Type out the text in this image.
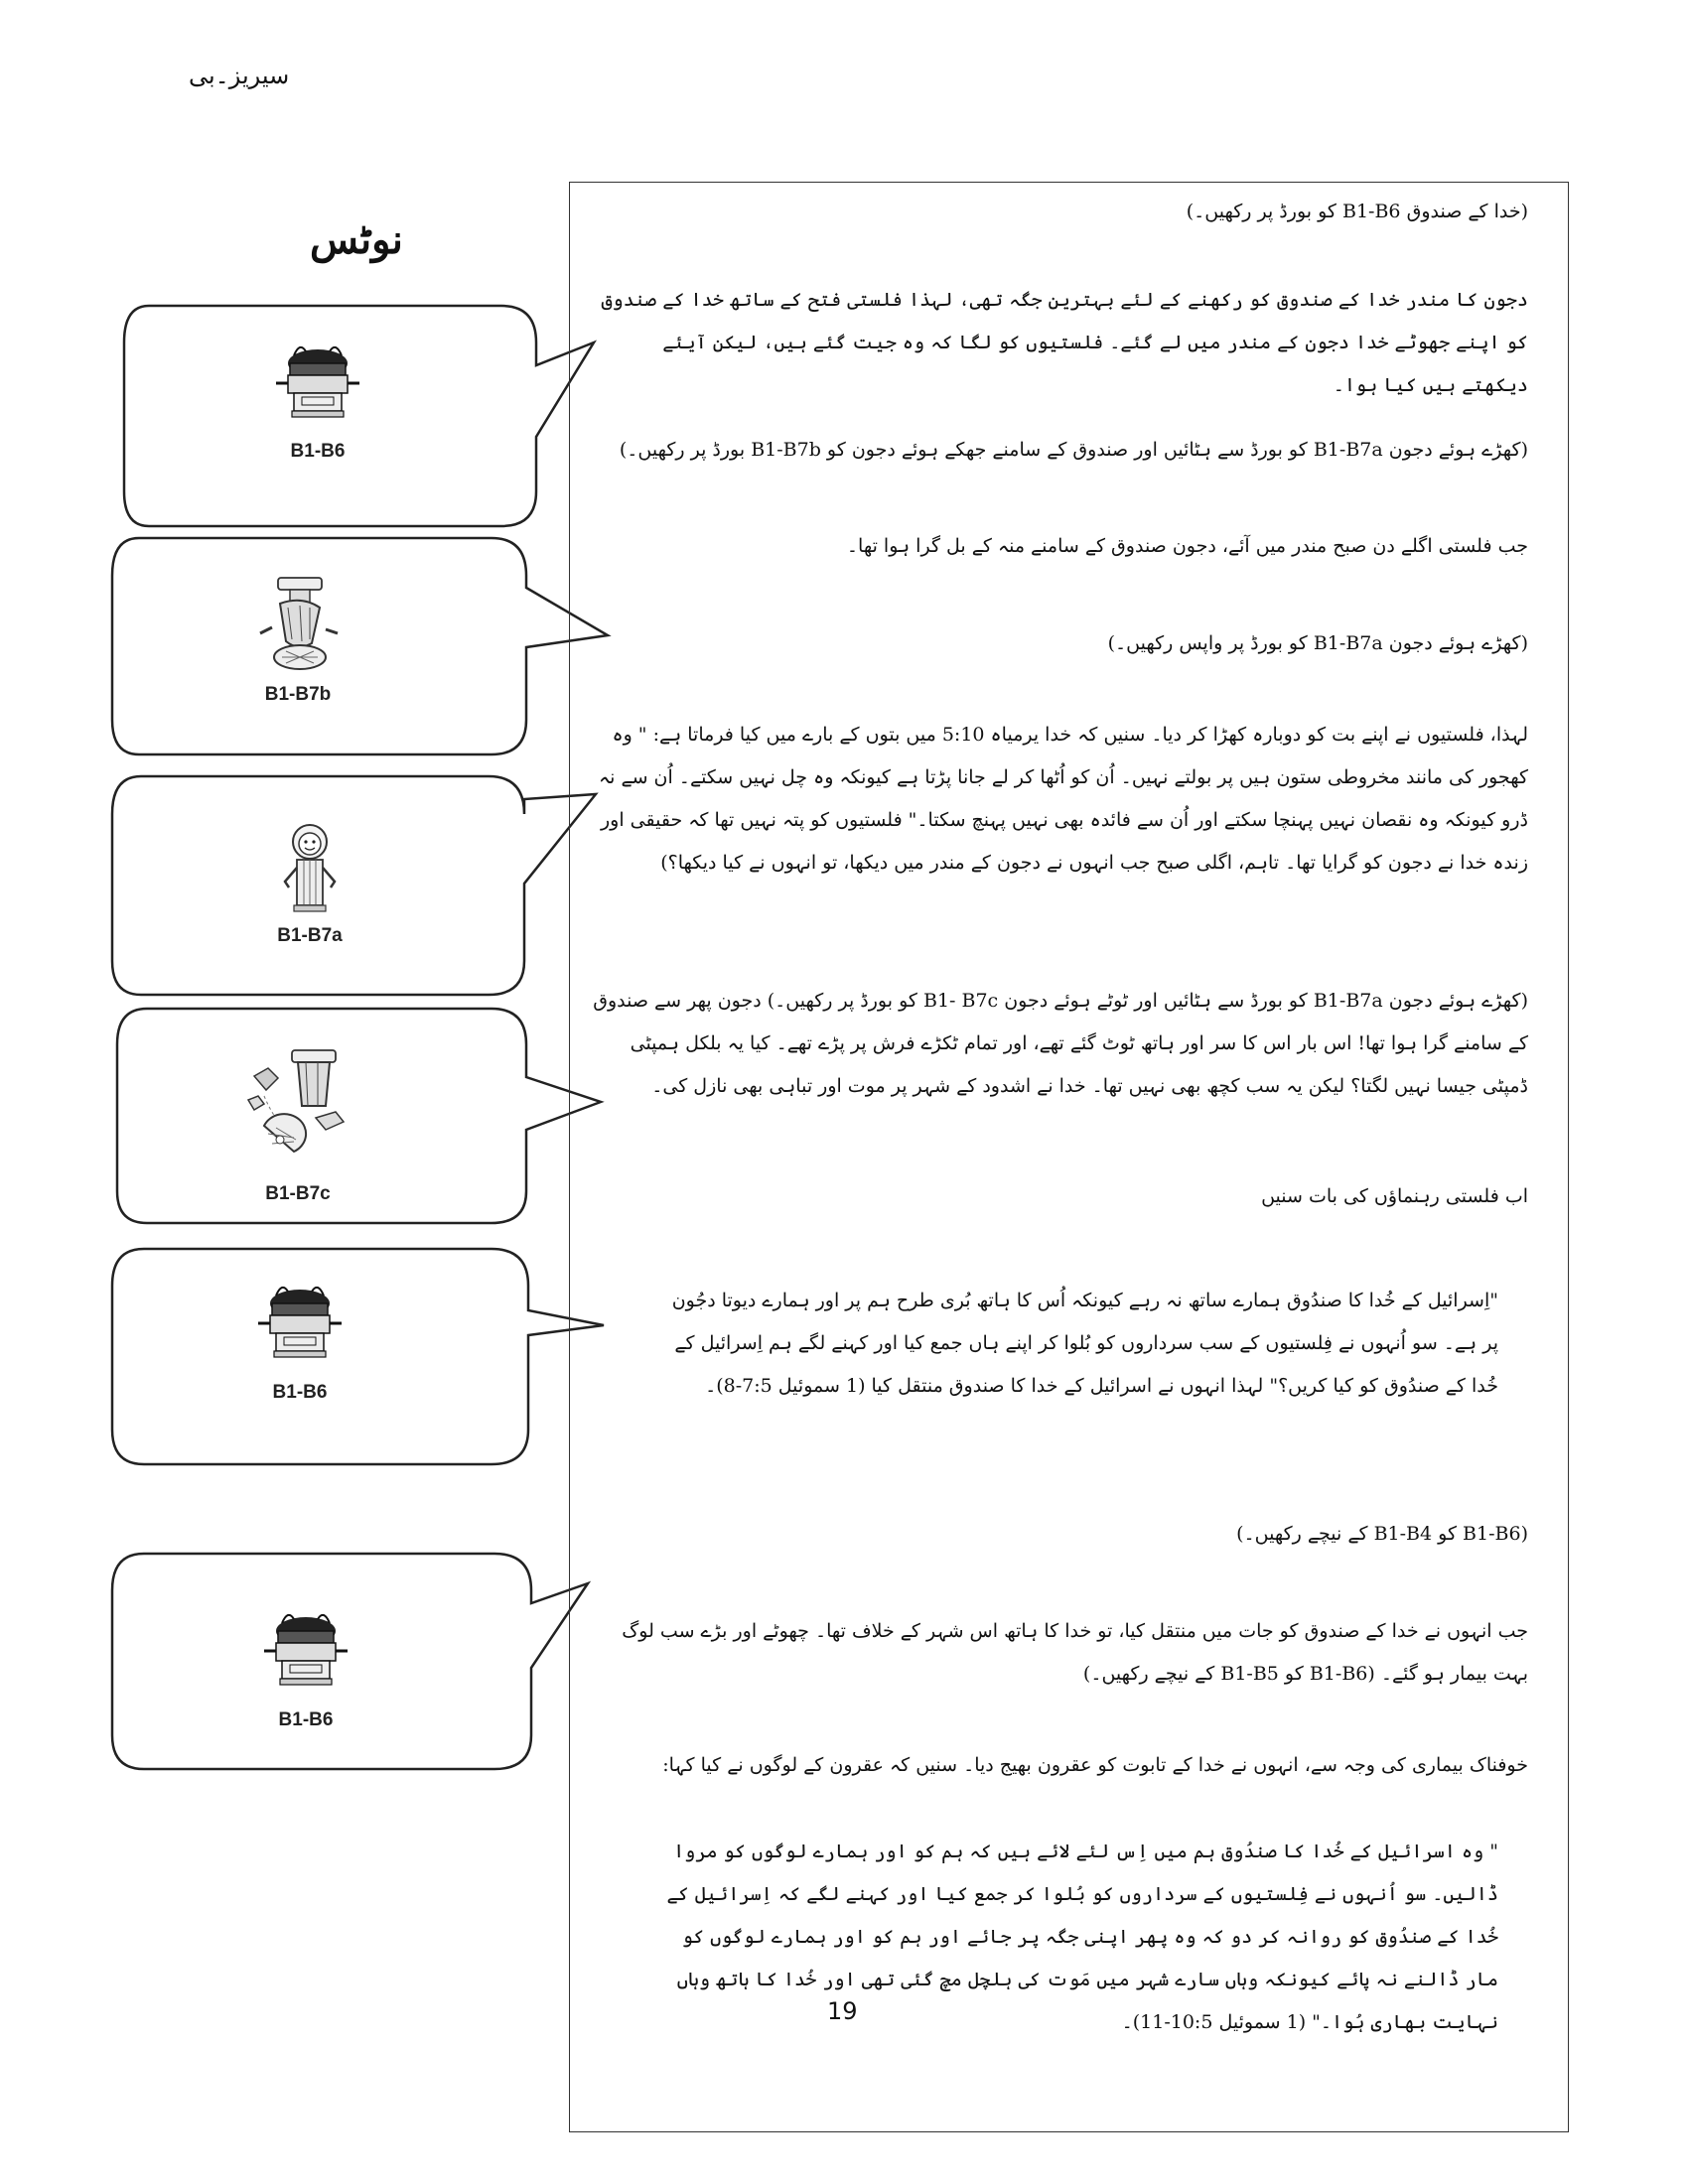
سیریز۔بی
نوٹس
B1-B6
B1-B7b
B1-B7a
B1-B7c
B1-B6
B1-B6
(خدا کے صندوق B1-B6 کو بورڈ پر رکھیں۔)
دجون کا مندر خدا کے صندوق کو رکھنے کے لئے بہترین جگہ تھی، لہذا فلستی فتح کے ساتھ خدا کے صندوق کو اپنے جھوٹے خدا دجون کے مندر میں لے گئے۔ فلستیوں کو لگا کہ وہ جیت گئے ہیں، لیکن آیئے دیکھتے ہیں کیا ہوا۔
(کھڑے ہوئے دجون B1-B7a کو بورڈ سے ہٹائیں اور صندوق کے سامنے جھکے ہوئے دجون کو B1-B7b بورڈ پر رکھیں۔)
جب فلستی اگلے دن صبح مندر میں آئے، دجون صندوق کے سامنے منہ کے بل گرا ہوا تھا۔
(کھڑے ہوئے دجون B1-B7a کو بورڈ پر واپس رکھیں۔)
لہذا، فلستیوں نے اپنے بت کو دوبارہ کھڑا کر دیا۔ سنیں کہ خدا یرمیاہ 5:10 میں بتوں کے بارے میں کیا فرماتا ہے: " وہ کھجور کی مانند مخروطی ستون ہیں پر بولتے نہیں۔ اُن کو اُٹھا کر لے جانا پڑتا ہے کیونکہ وہ چل نہیں سکتے۔ اُن سے نہ ڈرو کیونکہ وہ نقصان نہیں پہنچا سکتے اور اُن سے فائدہ بھی نہیں پہنچ سکتا۔" فلستیوں کو پتہ نہیں تھا کہ حقیقی اور زندہ خدا نے دجون کو گرایا تھا۔ تاہم، اگلی صبح جب انہوں نے دجون کے مندر میں دیکھا، تو انہوں نے کیا دیکھا؟)
(کھڑے ہوئے دجون B1-B7a کو بورڈ سے ہٹائیں اور ٹوٹے ہوئے دجون B1- B7c کو بورڈ پر رکھیں۔) دجون پھر سے صندوق کے سامنے گرا ہوا تھا! اس بار اس کا سر اور ہاتھ ٹوٹ گئے تھے، اور تمام ٹکڑے فرش پر پڑے تھے۔ کیا یہ بلکل ہمپٹی ڈمپٹی جیسا نہیں لگتا؟ لیکن یہ سب کچھ بھی نہیں تھا۔ خدا نے اشدود کے شہر پر موت اور تباہی بھی نازل کی۔
اب فلستی رہنماؤں کی بات سنیں
"اِسرائیل کے خُدا کا صندُوق ہمارے ساتھ نہ رہے کیونکہ اُس کا ہاتھ بُری طرح ہم پر اور ہمارے دیوتا دجُون پر ہے۔ سو اُنہوں نے فِلستیوں کے سب سرداروں کو بُلوا کر اپنے ہاں جمع کیا اور کہنے لگے ہم اِسرائیل کے خُدا کے صندُوق کو کیا کریں؟" لہذا انہوں نے اسرائیل کے خدا کا صندوق منتقل کیا (1 سموئیل 7:5-8)۔
(B1-B6 کو B1-B4 کے نیچے رکھیں۔)
جب انہوں نے خدا کے صندوق کو جات میں منتقل کیا، تو خدا کا ہاتھ اس شہر کے خلاف تھا۔ چھوٹے اور بڑے سب لوگ بہت بیمار ہو گئے۔ (B1-B6 کو B1-B5 کے نیچے رکھیں۔)
خوفناک بیماری کی وجہ سے، انہوں نے خدا کے تابوت کو عقرون بھیج دیا۔ سنیں کہ عقرون کے لوگوں نے کیا کہا:
" وہ اسرائیل کے خُدا کا صندُوق ہم میں اِس لئے لائے ہیں کہ ہم کو اور ہمارے لوگوں کو مروا ڈالیں۔ سو اُنہوں نے فِلستیوں کے سرداروں کو بُلوا کر جمع کیا اور کہنے لگے کہ اِسرائیل کے خُدا کے صندُوق کو روانہ کر دو کہ وہ پھر اپنی جگہ پر جائے اور ہم کو اور ہمارے لوگوں کو مار ڈالنے نہ پائے کیونکہ وہاں سارے شہر میں مَوت کی ہلچل مچ گئی تھی اور خُدا کا ہاتھ وہاں نہایت بھاری ہُوا۔" (1 سموئیل 10:5-11)۔
19
